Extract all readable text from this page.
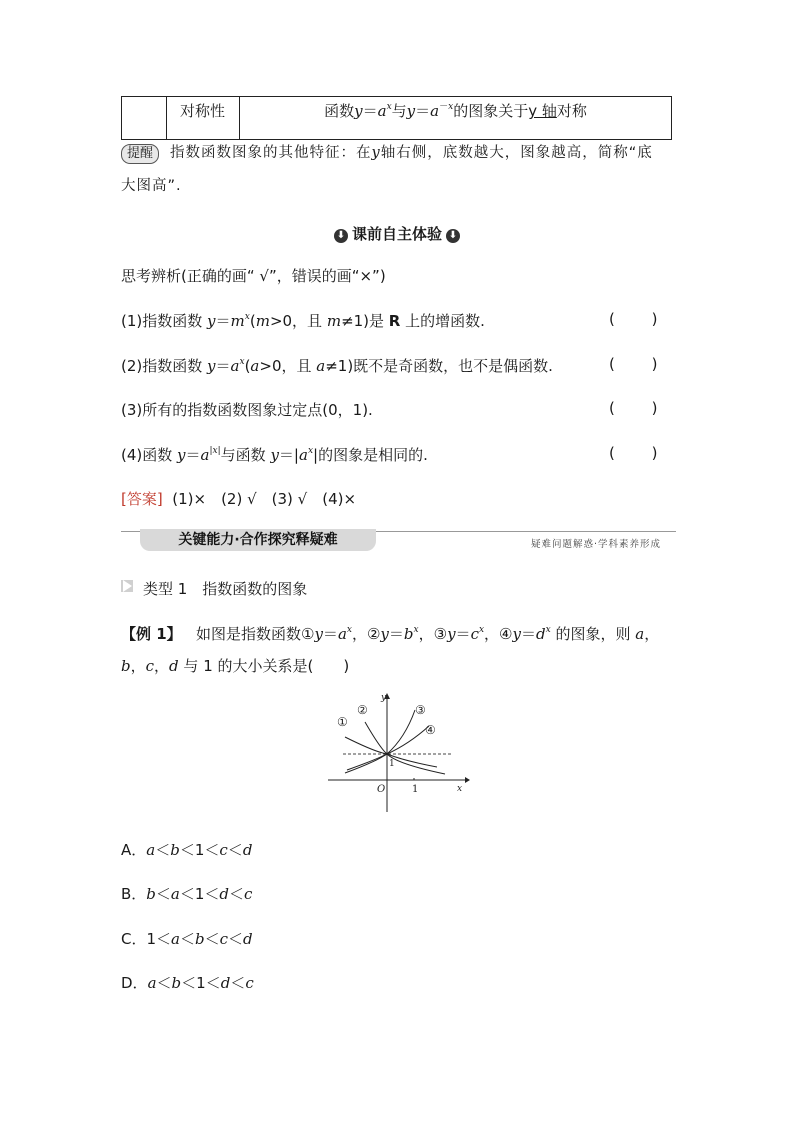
对称性	函数$y=a^x$与$y=a^{-x}$的图象关于y 轴对称
提醒	指数函数图象的其他特征：在y轴右侧，底数越大，图象越高，简称“底
大图高”.
⬇ 课前自主体验 ⬇
思考辨析(正确的画“ √”，错误的画“×”)
(1)指数函数 $y=m^x(m>0$，且 m≠1)是 R 上的增函数.	( )
(2)指数函数 $y=a^x(a>0$，且 a≠1)既不是奇函数，也不是偶函数.	( )
(3)所有的指数函数图象过定点(0，1).	( )
(4)函数 $y=a^{|x|}$与函数 $y=|a^x|$的图象是相同的.	( )
[答案] (1)×　(2) √　(3) √　(4)×
关键能力·合作探究释疑难	疑难问题解惑·学科素养形成
类型 1　指数函数的图象
【例 1】   如图是指数函数$①y=a^x$，$②y=b^x$，$③y=c^x$，$④y=d^x$ 的图象，则 a，
b，c，d 与 1 的大小关系是(　　)
①
②	③
④
y
x
O	1
1
A．a＜b＜1＜c＜d
B．b＜a＜1＜d＜c
C．1＜a＜b＜c＜d
D．a＜b＜1＜d＜c
